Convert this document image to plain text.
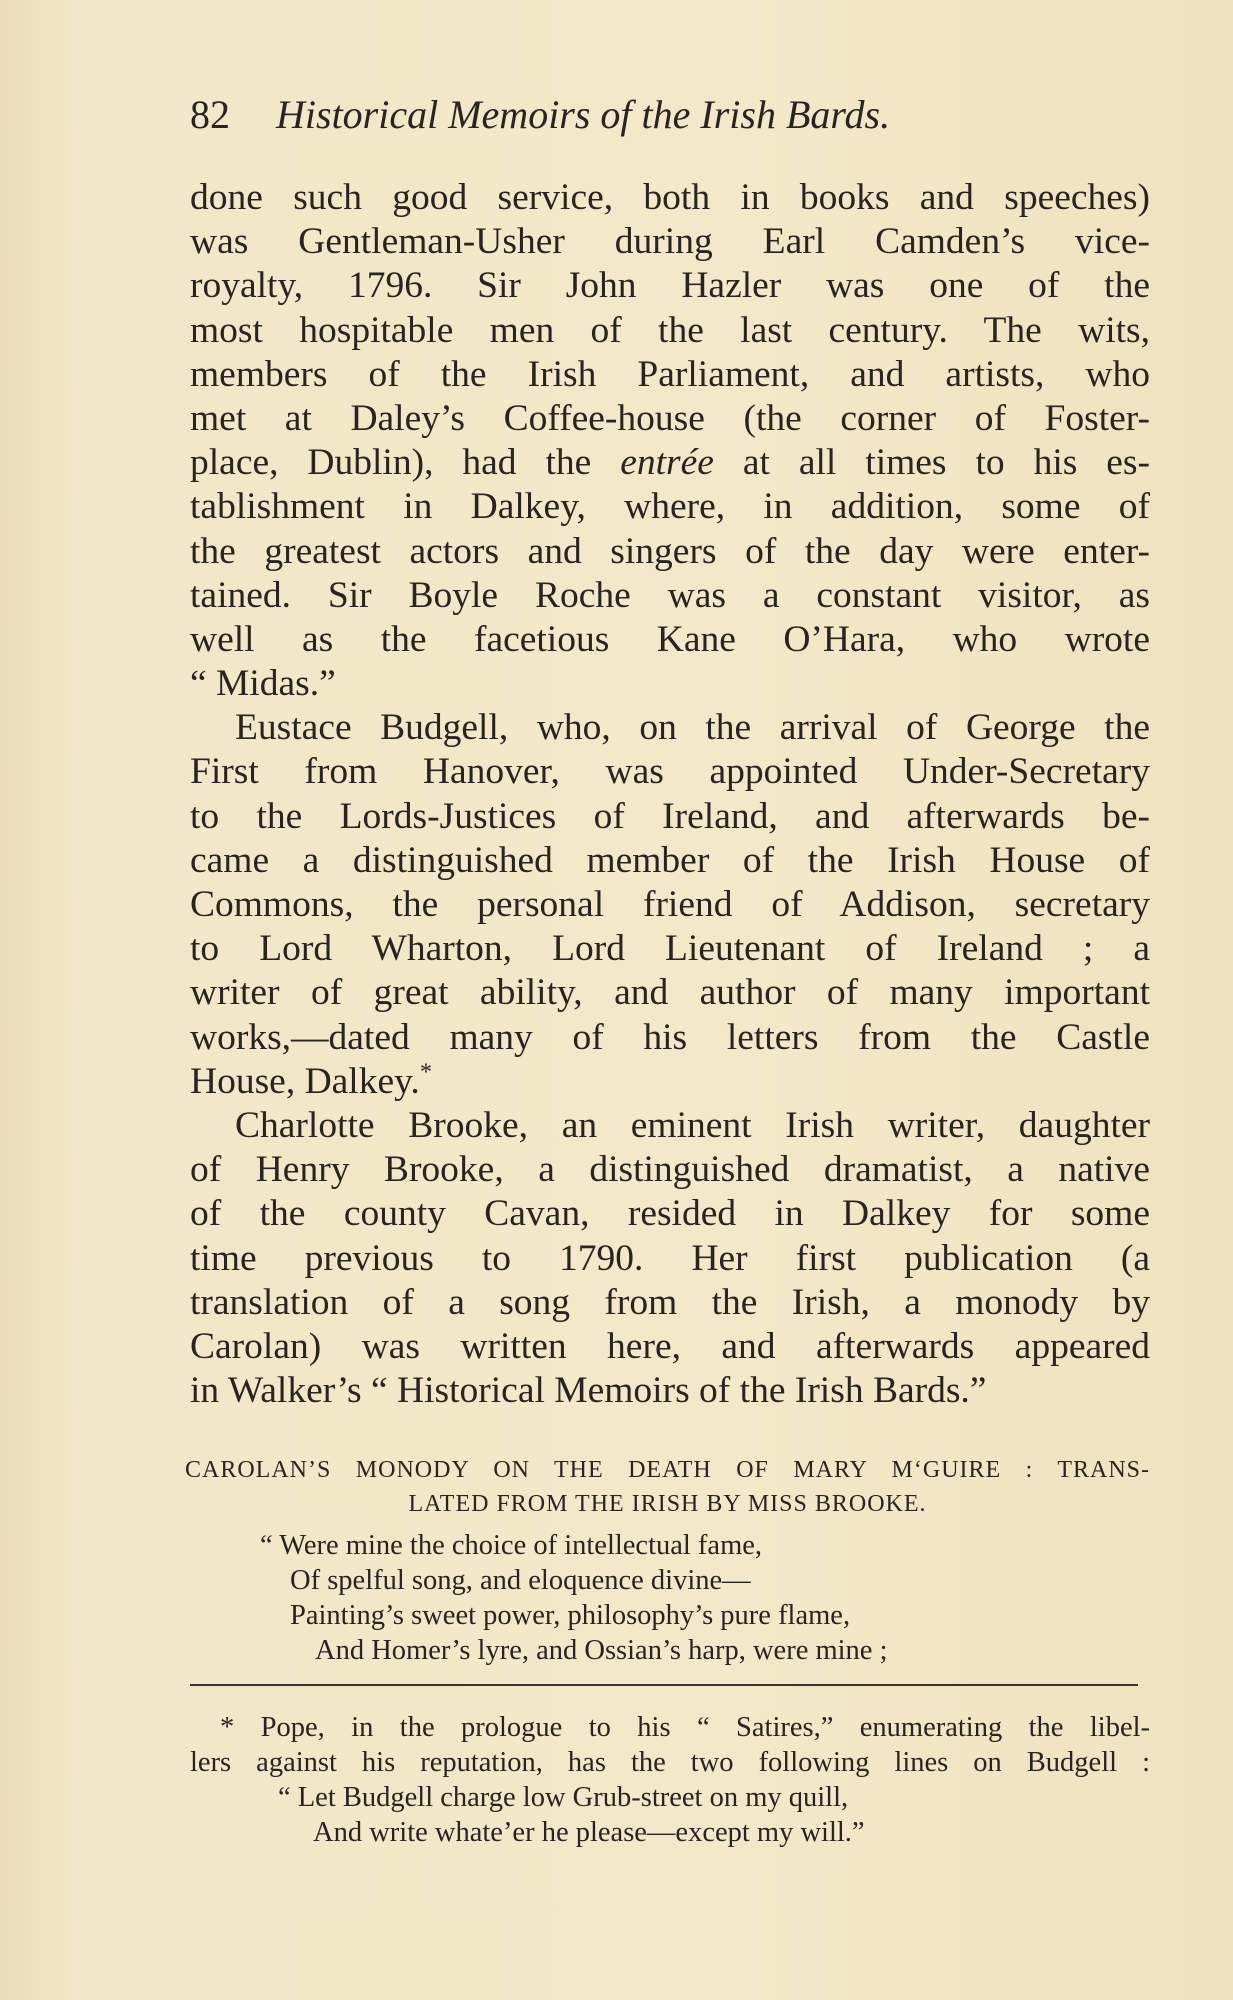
82 Historical Memoirs of the Irish Bards.
done such good service, both in books and speeches)
was Gentleman-Usher during Earl Camden’s vice-
royalty, 1796. Sir John Hazler was one of the
most hospitable men of the last century. The wits,
members of the Irish Parliament, and artists, who
met at Daley’s Coffee-house (the corner of Foster-
place, Dublin), had the entrée at all times to his es-
tablishment in Dalkey, where, in addition, some of
the greatest actors and singers of the day were enter-
tained. Sir Boyle Roche was a constant visitor, as
well as the facetious Kane O’Hara, who wrote
“ Midas.”
Eustace Budgell, who, on the arrival of George the
First from Hanover, was appointed Under-Secretary
to the Lords-Justices of Ireland, and afterwards be-
came a distinguished member of the Irish House of
Commons, the personal friend of Addison, secretary
to Lord Wharton, Lord Lieutenant of Ireland ; a
writer of great ability, and author of many important
works,—dated many of his letters from the Castle
House, Dalkey.*
Charlotte Brooke, an eminent Irish writer, daughter
of Henry Brooke, a distinguished dramatist, a native
of the county Cavan, resided in Dalkey for some
time previous to 1790. Her first publication (a
translation of a song from the Irish, a monody by
Carolan) was written here, and afterwards appeared
in Walker’s “ Historical Memoirs of the Irish Bards.”
CAROLAN’S MONODY ON THE DEATH OF MARY M‘GUIRE : TRANS-
LATED FROM THE IRISH BY MISS BROOKE.
“ Were mine the choice of intellectual fame,
Of spelful song, and eloquence divine—
Painting’s sweet power, philosophy’s pure flame,
And Homer’s lyre, and Ossian’s harp, were mine ;
* Pope, in the prologue to his “ Satires,” enumerating the libel-
lers against his reputation, has the two following lines on Budgell :
“ Let Budgell charge low Grub-street on my quill,
And write whate’er he please—except my will.”
